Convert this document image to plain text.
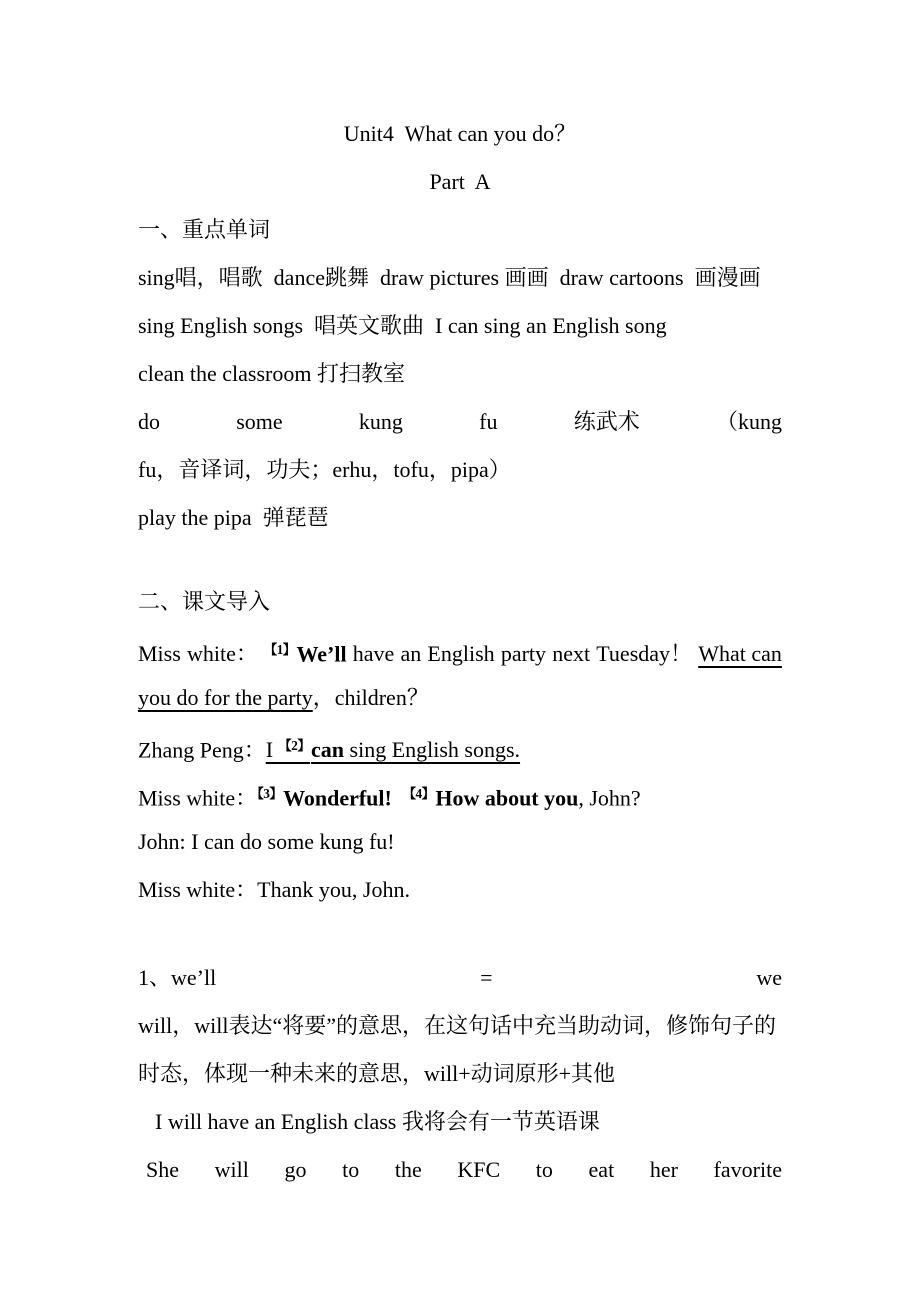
Unit4  What can you do？
Part  A
一、重点单词
sing唱，唱歌  dance跳舞  draw pictures 画画  draw cartoons  画漫画
sing English songs  唱英文歌曲  I can sing an English song
clean the classroom 打扫教室
do	some	kung	fu	练武术	（kung
fu，音译词，功夫；erhu，tofu，pipa）
play the pipa  弹琵琶
二、课文导入
Miss white： $^{【1】}$We’ll have an English party next Tuesday！ What can
you do for the party，children？
Zhang Peng：I $^{【2】}$can sing English songs.
Miss white：$^{【3】}$Wonderful! $^{【4】}$How about you, John?
John: I can do some kung fu!
Miss white：Thank you, John.
1、we’ll	=	we
will，will表达“将要”的意思，在这句话中充当助动词，修饰句子的
时态，体现一种未来的意思，will+动词原形+其他
I will have an English class 我将会有一节英语课
She will go to the KFC to eat her favorite
